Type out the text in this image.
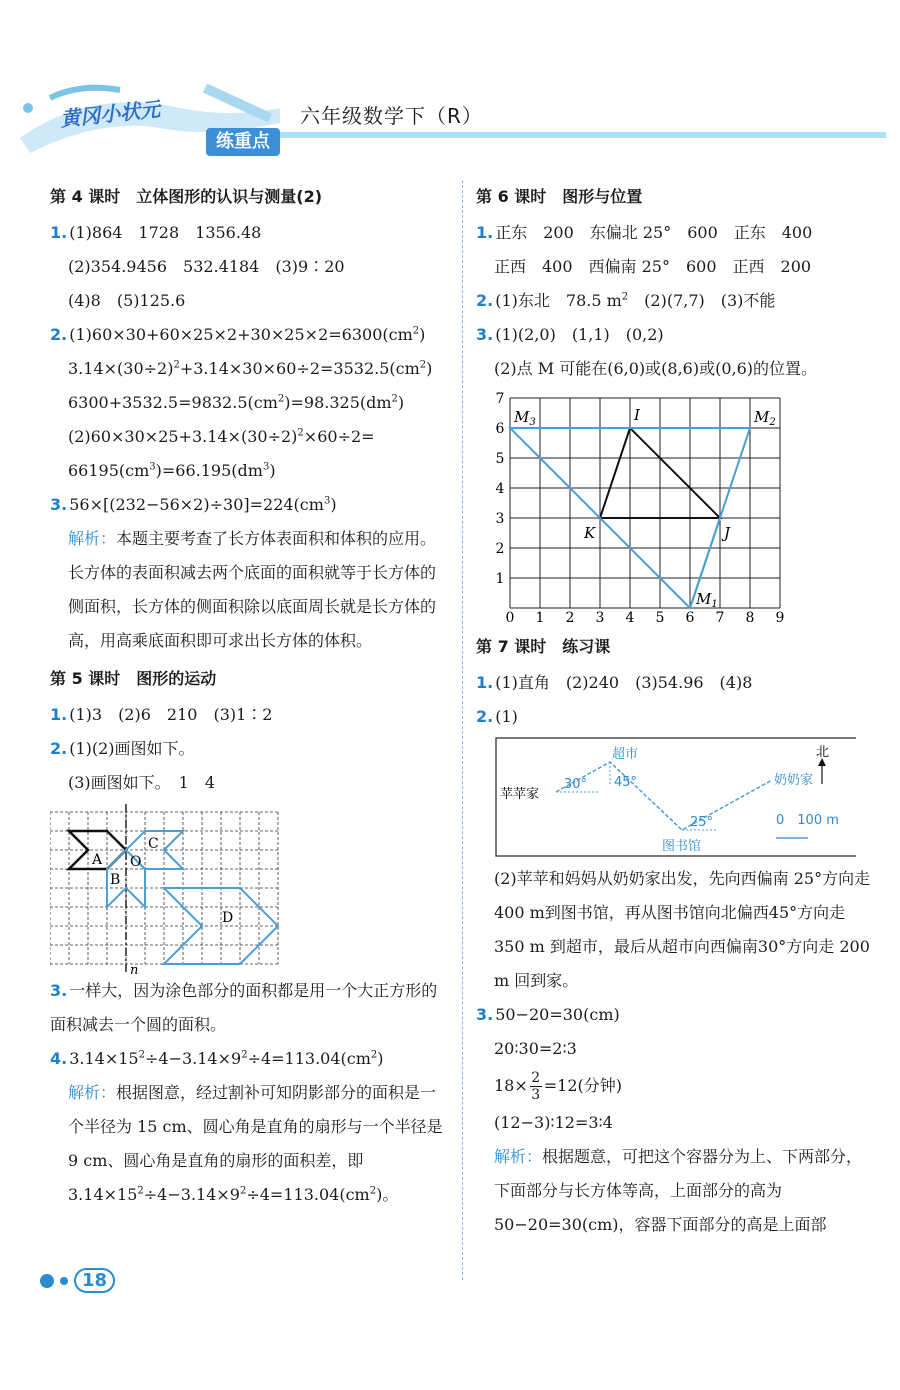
黄冈小状元
练重点
六年级数学下（R）
第 4 课时　立体图形的认识与测量(2)
1. (1)864　1728　1356.48
(2)354.9456　532.4184　(3)9∶20
(4)8　(5)125.6
2. $(1)60\times 30+60\times 25\times 2+30\times 25\times 2=6300(cm^2)$
$3.14\times(30\div 2)^2+3.14\times 30\times 60\div 2=3532.5(cm^2)$
$6300+3532.5=9832.5(cm^2)=98.325(dm^2)$
$(2)60\times 30\times 25+3.14\times(30\div 2)^2\times 60\div 2=$
$66195(cm^3)=66.195(dm^3)$
3. $56\times[(232-56\times 2)\div 30]=224(cm^3)$
解析：本题主要考查了长方体表面积和体积的应用。长方体的表面积减去两个底面的面积就等于长方体的侧面积，长方体的侧面积除以底面周长就是长方体的高，用高乘底面积即可求出长方体的体积。
第 5 课时　图形的运动
1. (1)3　(2)6　210　(3)1∶2
2. (1)(2)画图如下。
(3)画图如下。　1　4
A
B
C
D
O
n
3. 一样大，因为涂色部分的面积都是用一个大正方形的面积减去一个圆的面积。
4. $3.14\times 15^2\div 4-3.14\times 9^2\div 4=113.04(cm^2)$
解析：根据图意，经过割补可知阴影部分的面积是一个半径为 15 cm、圆心角是直角的扇形与一个半径是 9 cm、圆心角是直角的扇形的面积差，即 $3.14\times 15^2\div 4-3.14\times 9^2\div 4=113.04(cm^2)$。
第 6 课时　图形与位置
1. 正东　200　东偏北 25°　600　正东　400
正西　400　西偏南 25°　600　正西　200
2. (1)东北　78.5 $m^2$　(2)(7,7)　(3)不能
3. (1)(2,0)　(1,1)　(0,2)
(2)点 M 可能在(6,0)或(8,6)或(0,6)的位置。
0 1 2 3 4 5 6 7 8 9
1
2
3
4
5
6
7
I
J
K
$M_1$
$M_2$
$M_3$
第 7 课时　练习课
1. (1)直角　(2)240　(3)54.96　(4)8
2. (1)
苹苹家
超市
奶奶家
图书馆
北
30° 45°
25°	0　100 m
(2)苹苹和妈妈从奶奶家出发，先向西偏南 25°方向走400 m到图书馆，再从图书馆向北偏西45°方向走 350 m 到超市，最后从超市向西偏南30°方向走 200 m 回到家。
3. 50−20=30(cm)
20∶30=2∶3
$18\times \frac{2}{3} =12$(分钟)
(12−3)∶12=3∶4
解析：根据题意，可把这个容器分为上、下两部分，下面部分与长方体等高，上面部分的高为 50−20=30(cm)，容器下面部分的高是上面部
18
